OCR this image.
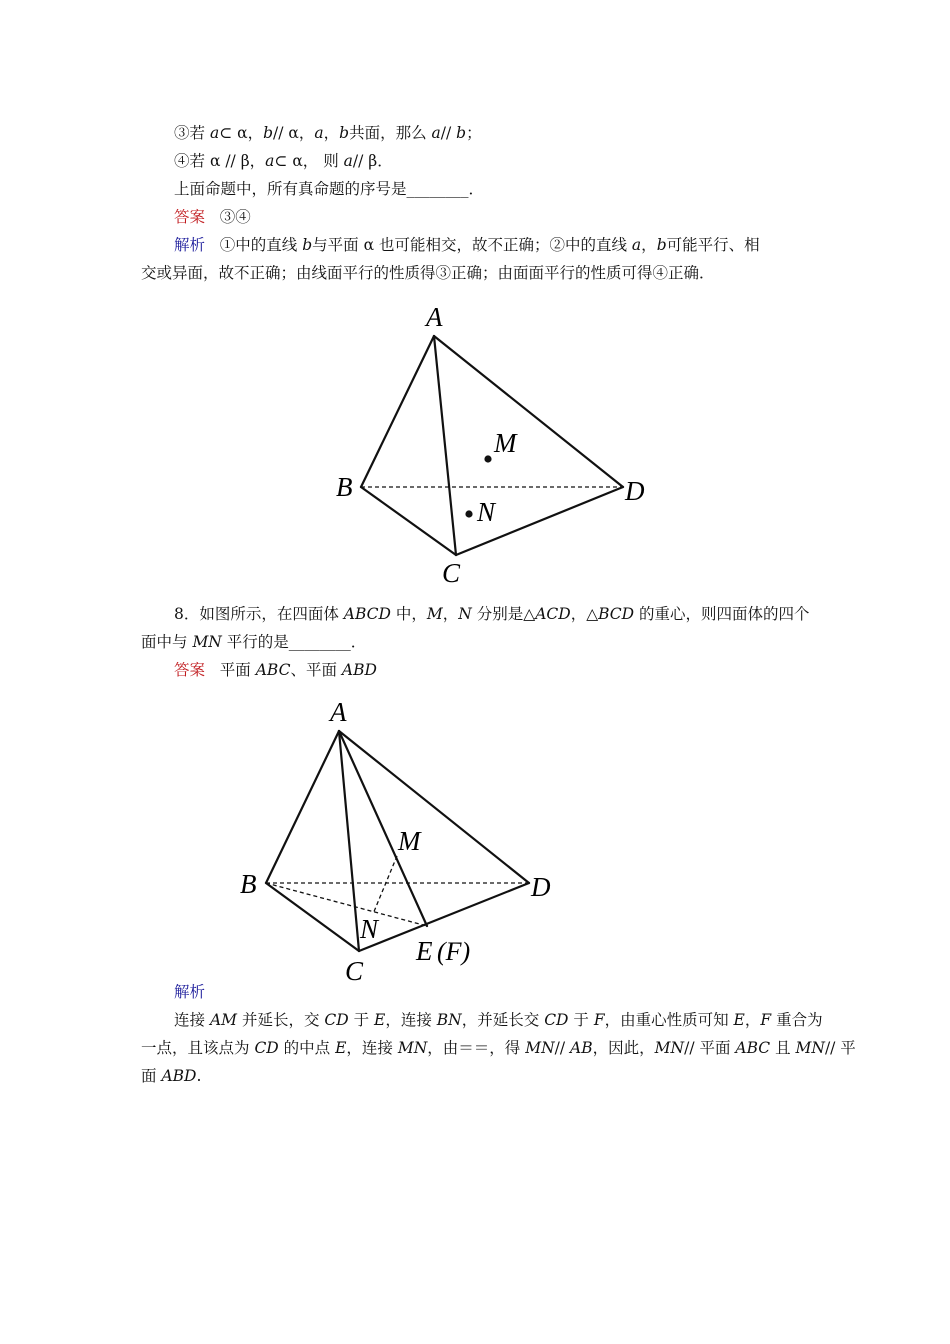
③若 a⊂ α，b// α，a，b共面，那么 a// b；
④若 α // β，a⊂ α， 则 a// β．
上面命题中，所有真命题的序号是________．
答案 ③④
解析 ①中的直线 b与平面 α 也可能相交，故不正确；②中的直线 a，b可能平行、相
交或异面，故不正确；由线面平行的性质得③正确；由面面平行的性质可得④正确．
A
B
C
D
M
N
8．如图所示，在四面体 ABCD 中，M，N 分别是△ACD，△BCD 的重心，则四面体的四个
面中与 MN 平行的是________．
答案 平面 ABC、平面 ABD
A
B
C
D
M
N
E (F)
解析
连接 AM 并延长，交 CD 于 E，连接 BN，并延长交 CD 于 F，由重心性质可知 E，F 重合为
一点，且该点为 CD 的中点 E，连接 MN，由＝＝，得 MN// AB，因此，MN// 平面 ABC 且 MN// 平
面 ABD.
